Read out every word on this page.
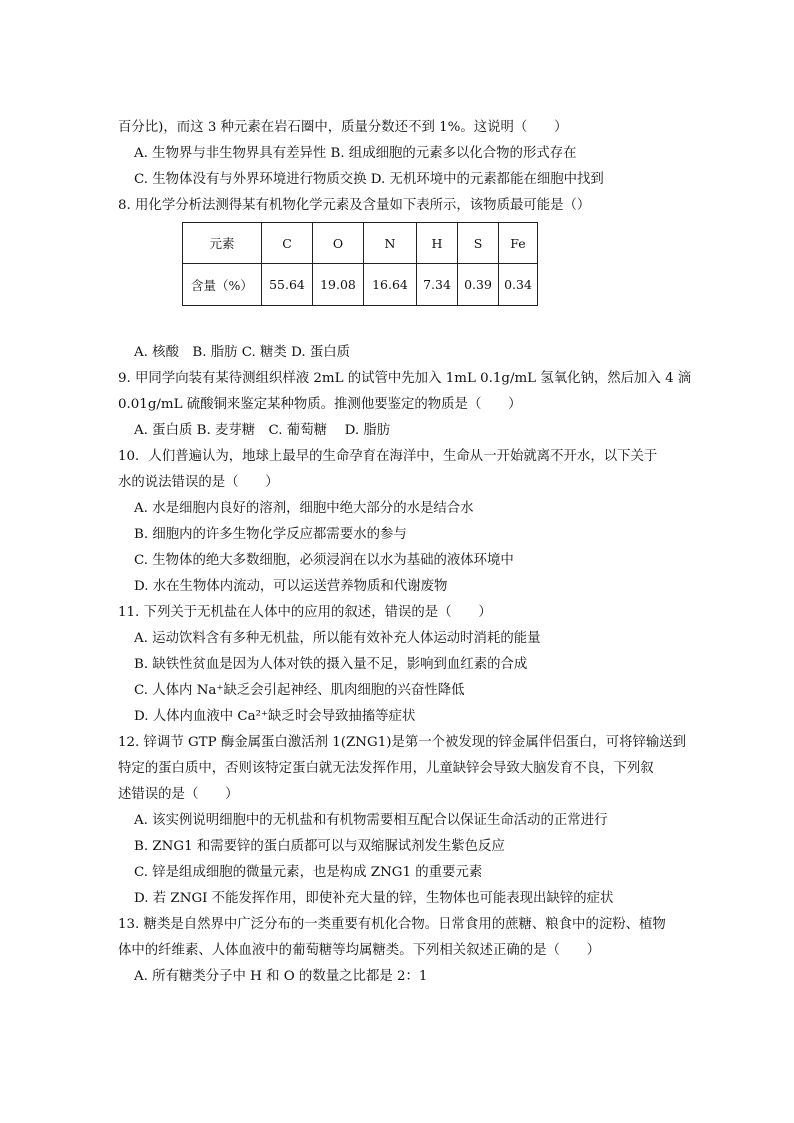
百分比)，而这 3 种元素在岩石圈中，质量分数还不到 1%。这说明（　　）
A. 生物界与非生物界具有差异性 B. 组成细胞的元素多以化合物的形式存在
C. 生物体没有与外界环境进行物质交换 D. 无机环境中的元素都能在细胞中找到
8. 用化学分析法测得某有机物化学元素及含量如下表所示，该物质最可能是（）
元素	C	O	N	H	S	Fe
含量（%）	55.64	19.08	16.64	7.34	0.39	0.34
A. 核酸　B. 脂肪 C. 糖类 D. 蛋白质
9. 甲同学向装有某待测组织样液 2mL 的试管中先加入 1mL 0.1g/mL 氢氧化钠，然后加入 4 滴
0.01g/mL 硫酸铜来鉴定某种物质。推测他要鉴定的物质是（　　）
A. 蛋白质 B. 麦芽糖　C. 葡萄糖　 D. 脂肪
10．人们普遍认为，地球上最早的生命孕育在海洋中，生命从一开始就离不开水，以下关于
水的说法错误的是（　　）
A. 水是细胞内良好的溶剂，细胞中绝大部分的水是结合水
B. 细胞内的许多生物化学反应都需要水的参与
C. 生物体的绝大多数细胞，必须浸润在以水为基础的液体环境中
D. 水在生物体内流动，可以运送营养物质和代谢废物
11. 下列关于无机盐在人体中的应用的叙述，错误的是（　　）
A. 运动饮料含有多种无机盐，所以能有效补充人体运动时消耗的能量
B. 缺铁性贫血是因为人体对铁的摄入量不足，影响到血红素的合成
C. 人体内 Na⁺缺乏会引起神经、肌肉细胞的兴奋性降低
D. 人体内血液中 Ca²⁺缺乏时会导致抽搐等症状
12. 锌调节 GTP 酶金属蛋白激活剂 1(ZNG1)是第一个被发现的锌金属伴侣蛋白，可将锌输送到
特定的蛋白质中，否则该特定蛋白就无法发挥作用，儿童缺锌会导致大脑发育不良，下列叙
述错误的是（　　）
A. 该实例说明细胞中的无机盐和有机物需要相互配合以保证生命活动的正常进行
B. ZNG1 和需要锌的蛋白质都可以与双缩脲试剂发生紫色反应
C. 锌是组成细胞的微量元素，也是构成 ZNG1 的重要元素
D. 若 ZNGI 不能发挥作用，即使补充大量的锌，生物体也可能表现出缺锌的症状
13. 糖类是自然界中广泛分布的一类重要有机化合物。日常食用的蔗糖、粮食中的淀粉、植物
体中的纤维素、人体血液中的葡萄糖等均属糖类。下列相关叙述正确的是（　　）
A. 所有糖类分子中 H 和 O 的数量之比都是 2：1
